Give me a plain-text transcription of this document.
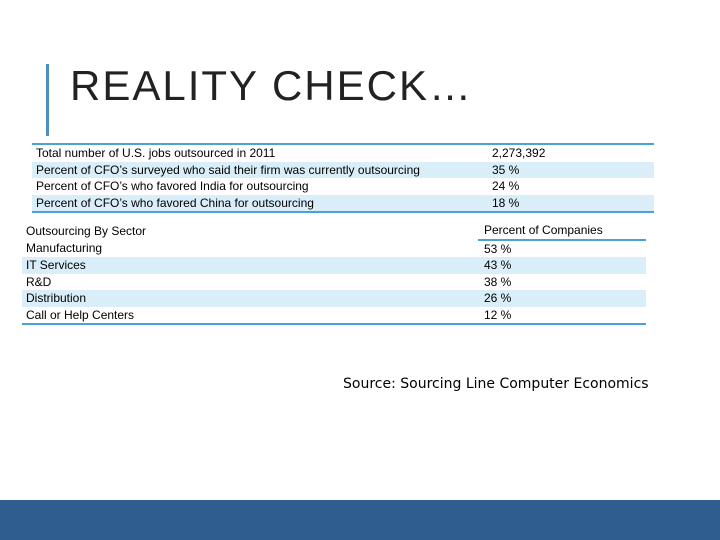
REALITY CHECK…
Total number of U.S. jobs outsourced in 2011	2,273,392
Percent of CFO’s surveyed who said their firm was currently outsourcing	35 %
Percent of CFO’s who favored India for outsourcing	24 %
Percent of CFO’s who favored China for outsourcing	18 %
Outsourcing By Sector	Percent of Companies
Manufacturing	53 %
IT Services	43 %
R&D	38 %
Distribution	26 %
Call or Help Centers	12 %
Source: Sourcing Line Computer Economics
